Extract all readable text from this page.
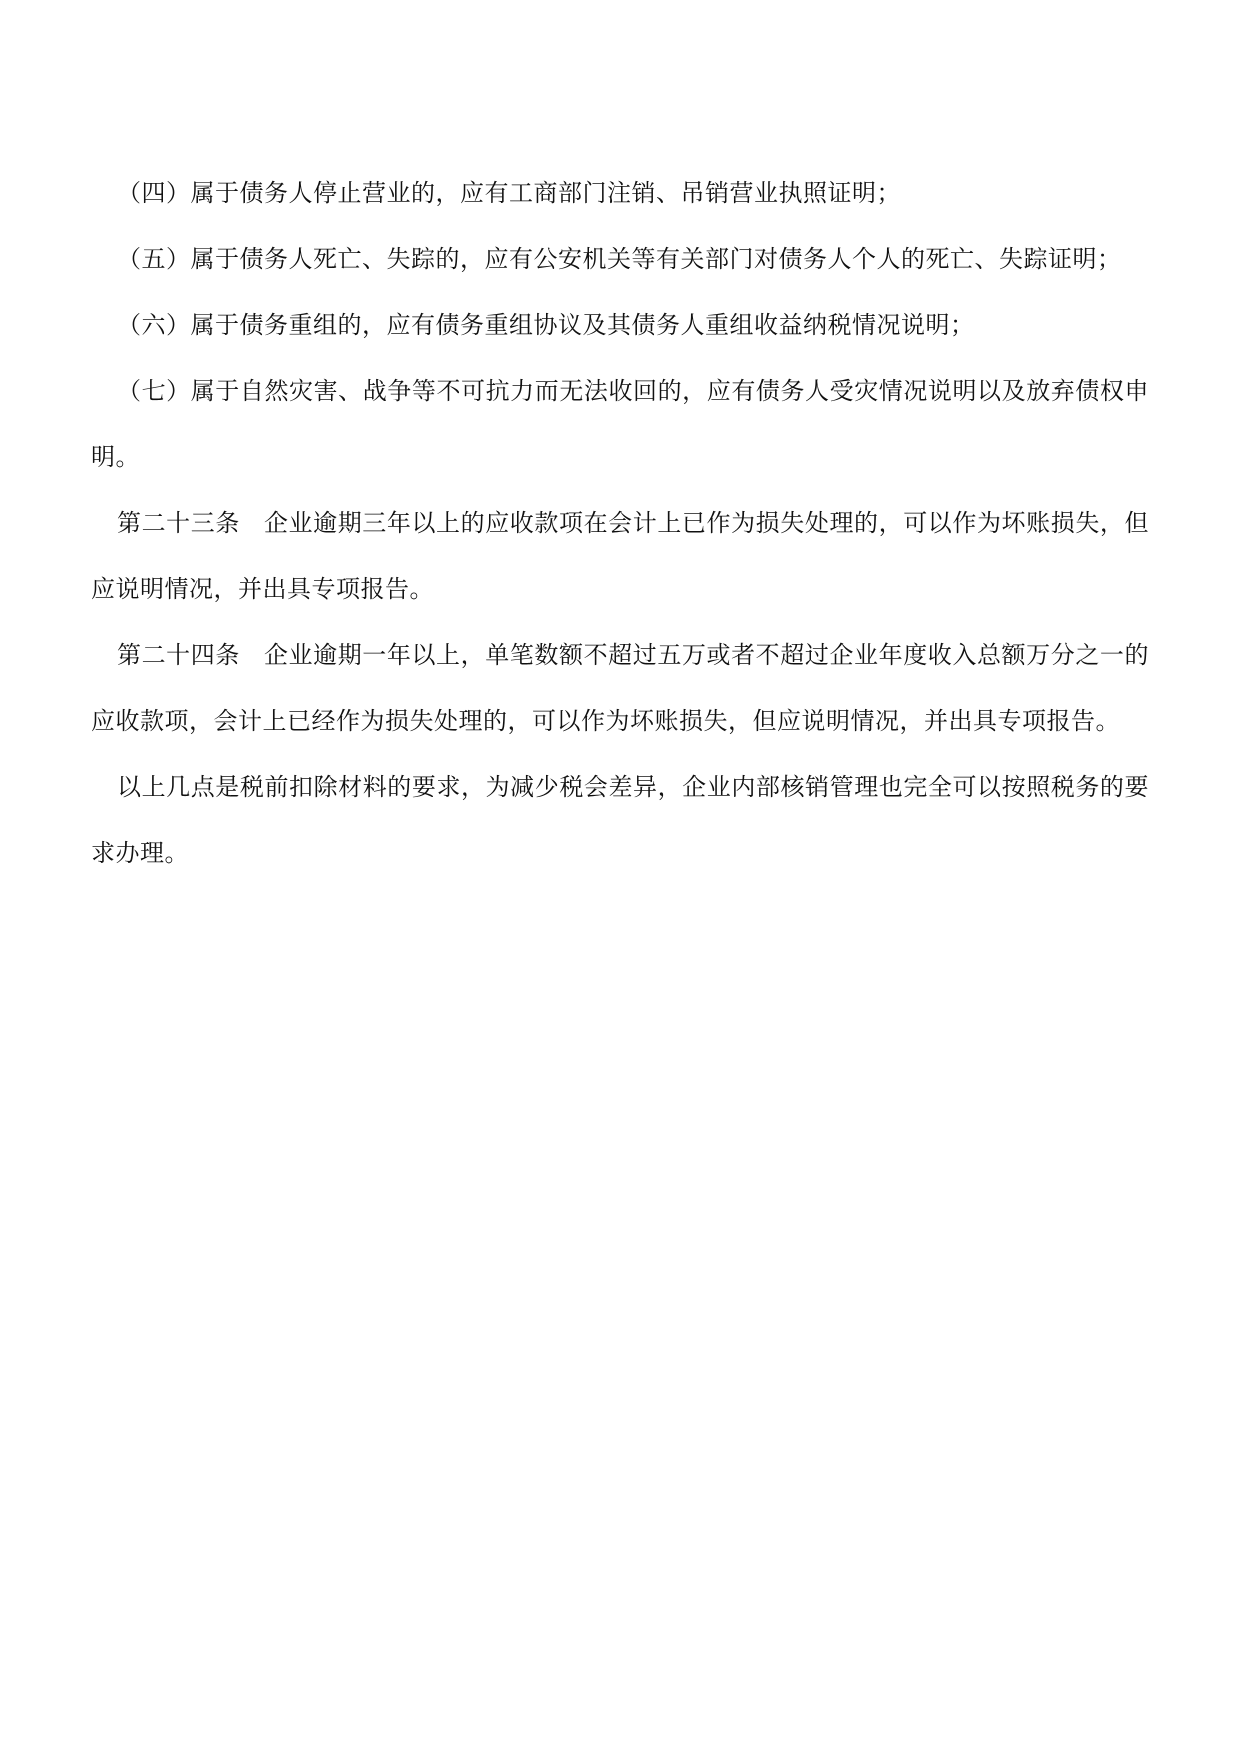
（四）属于债务人停止营业的，应有工商部门注销、吊销营业执照证明；

（五）属于债务人死亡、失踪的，应有公安机关等有关部门对债务人个人的死亡、失踪证明；

（六）属于债务重组的，应有债务重组协议及其债务人重组收益纳税情况说明；

（七）属于自然灾害、战争等不可抗力而无法收回的，应有债务人受灾情况说明以及放弃债权申明。

第二十三条 企业逾期三年以上的应收款项在会计上已作为损失处理的，可以作为坏账损失，但应说明情况，并出具专项报告。

第二十四条 企业逾期一年以上，单笔数额不超过五万或者不超过企业年度收入总额万分之一的应收款项，会计上已经作为损失处理的，可以作为坏账损失，但应说明情况，并出具专项报告。

以上几点是税前扣除材料的要求，为减少税会差异，企业内部核销管理也完全可以按照税务的要求办理。
